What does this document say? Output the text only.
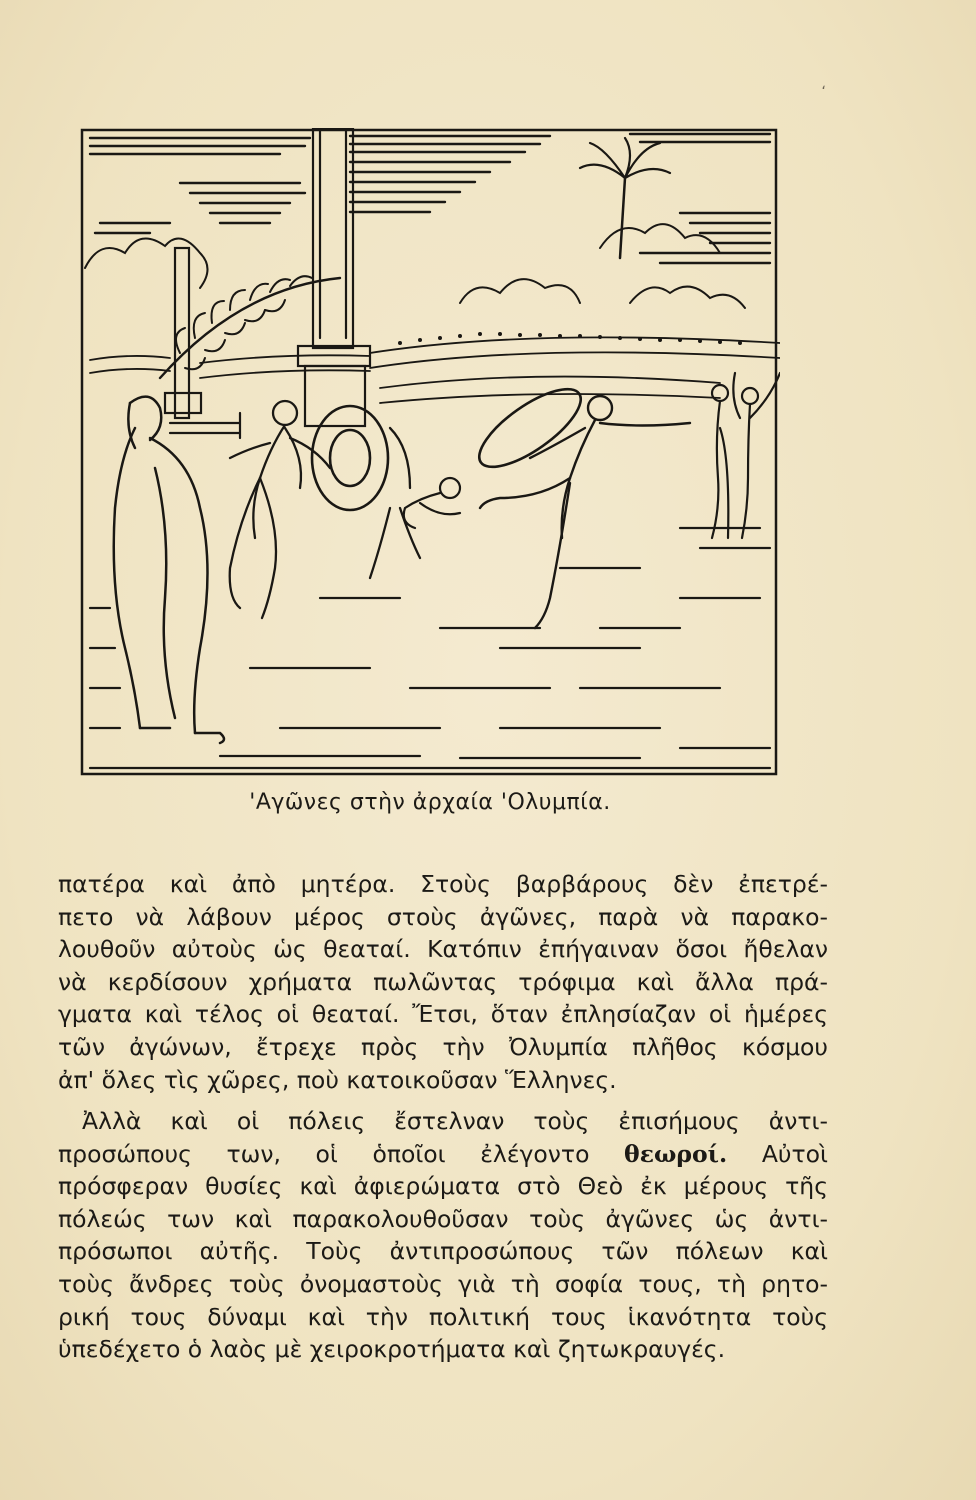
ʻ
'Αγῶνες στὴν ἀρχαία 'Ολυμπία.
πατέρα καὶ ἀπὸ μητέρα. Στοὺς βαρβάρους δὲν ἐπετρέ-
πετο νὰ λάβουν μέρος στοὺς ἀγῶνες, παρὰ νὰ παρακο-
λουθοῦν αὐτοὺς ὡς θεαταί. Κατόπιν ἐπήγαιναν ὅσοι ἤθελαν
νὰ κερδίσουν χρήματα πωλῶντας τρόφιμα καὶ ἄλλα πρά-
γματα καὶ τέλος οἱ θεαταί. Ἔτσι, ὅταν ἐπλησίαζαν οἱ ἡμέρες
τῶν ἀγώνων, ἔτρεχε πρὸς τὴν Ὀλυμπία πλῆθος κόσμου
ἀπ' ὅλες τὶς χῶρες, ποὺ κατοικοῦσαν Ἕλληνες.
Ἀλλὰ καὶ οἱ πόλεις ἔστελναν τοὺς ἐπισήμους ἀντι-
προσώπους των, οἱ ὁποῖοι ἐλέγοντο θεωροί. Αὐτοὶ
πρόσφεραν θυσίες καὶ ἀφιερώματα στὸ Θεὸ ἐκ μέρους τῆς
πόλεώς των καὶ παρακολουθοῦσαν τοὺς ἀγῶνες ὡς ἀντι-
πρόσωποι αὐτῆς. Τοὺς ἀντιπροσώπους τῶν πόλεων καὶ
τοὺς ἄνδρες τοὺς ὀνομαστοὺς γιὰ τὴ σοφία τους, τὴ ρητο-
ρική τους δύναμι καὶ τὴν πολιτική τους ἱκανότητα τοὺς
ὑπεδέχετο ὁ λαὸς μὲ χειροκροτήματα καὶ ζητωκραυγές.
